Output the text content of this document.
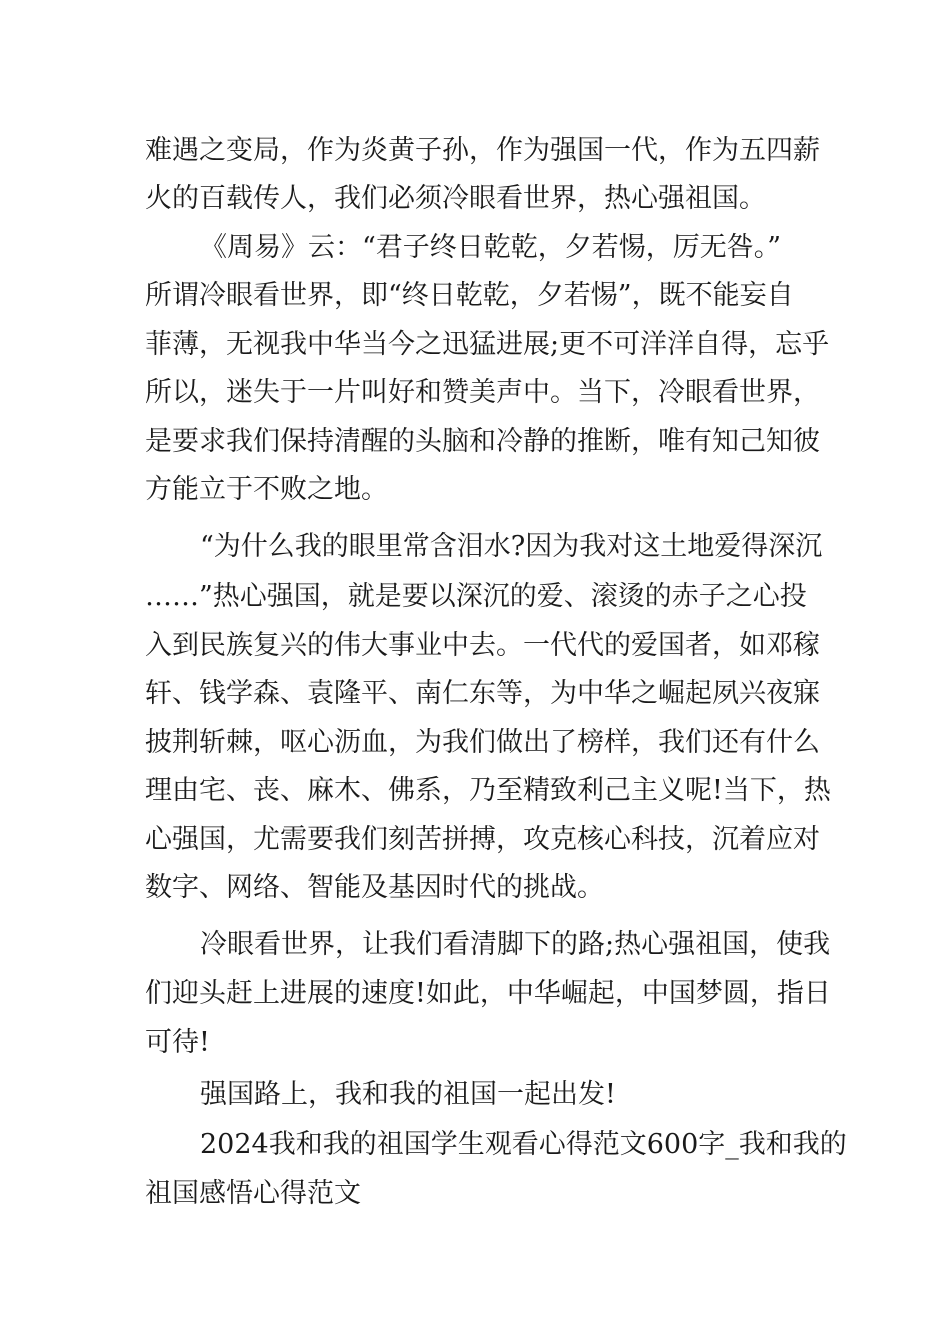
难遇之变局，作为炎黄子孙，作为强国一代，作为五四薪
火的百载传人，我们必须冷眼看世界，热心强祖国。
《周易》云：“君子终日乾乾，夕若惕，厉无咎。”
所谓冷眼看世界，即“终日乾乾，夕若惕”，既不能妄自
菲薄，无视我中华当今之迅猛进展;更不可洋洋自得，忘乎
所以，迷失于一片叫好和赞美声中。当下，冷眼看世界，
是要求我们保持清醒的头脑和冷静的推断，唯有知己知彼
方能立于不败之地。
“为什么我的眼里常含泪水?因为我对这土地爱得深沉
……”热心强国，就是要以深沉的爱、滚烫的赤子之心投
入到民族复兴的伟大事业中去。一代代的爱国者，如邓稼
轩、钱学森、袁隆平、南仁东等，为中华之崛起夙兴夜寐
披荆斩棘，呕心沥血，为我们做出了榜样，我们还有什么
理由宅、丧、麻木、佛系，乃至精致利己主义呢!当下，热
心强国，尤需要我们刻苦拼搏，攻克核心科技，沉着应对
数字、网络、智能及基因时代的挑战。
冷眼看世界，让我们看清脚下的路;热心强祖国，使我
们迎头赶上进展的速度!如此，中华崛起，中国梦圆，指日
可待!
强国路上，我和我的祖国一起出发!
2024我和我的祖国学生观看心得范文600字_我和我的
祖国感悟心得范文
